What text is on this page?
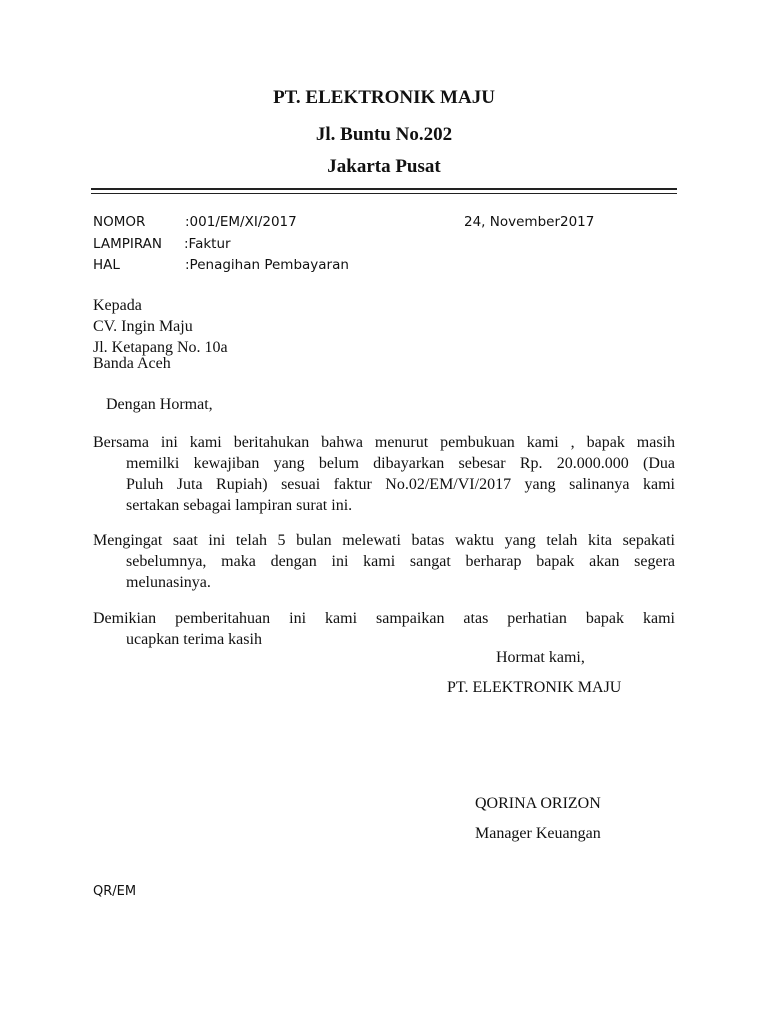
PT. ELEKTRONIK MAJU
Jl. Buntu No.202
Jakarta Pusat
NOMOR	:001/EM/XI/2017	24, November2017
LAMPIRAN :Faktur
HAL	:Penagihan Pembayaran
Kepada
CV. Ingin Maju
Jl. Ketapang No. 10a
Banda Aceh
Dengan Hormat,
Bersama ini kami beritahukan bahwa menurut pembukuan kami , bapak masih
memilki kewajiban yang belum dibayarkan sebesar Rp. 20.000.000 (Dua
Puluh Juta Rupiah) sesuai faktur No.02/EM/VI/2017 yang salinanya kami
sertakan sebagai lampiran surat ini.
Mengingat saat ini telah 5 bulan melewati batas waktu yang telah kita sepakati
sebelumnya, maka dengan ini kami sangat berharap bapak akan segera
melunasinya.
Demikian pemberitahuan ini kami sampaikan atas perhatian bapak kami
ucapkan terima kasih
Hormat kami,
PT. ELEKTRONIK MAJU
QORINA ORIZON
Manager Keuangan
QR/EM
